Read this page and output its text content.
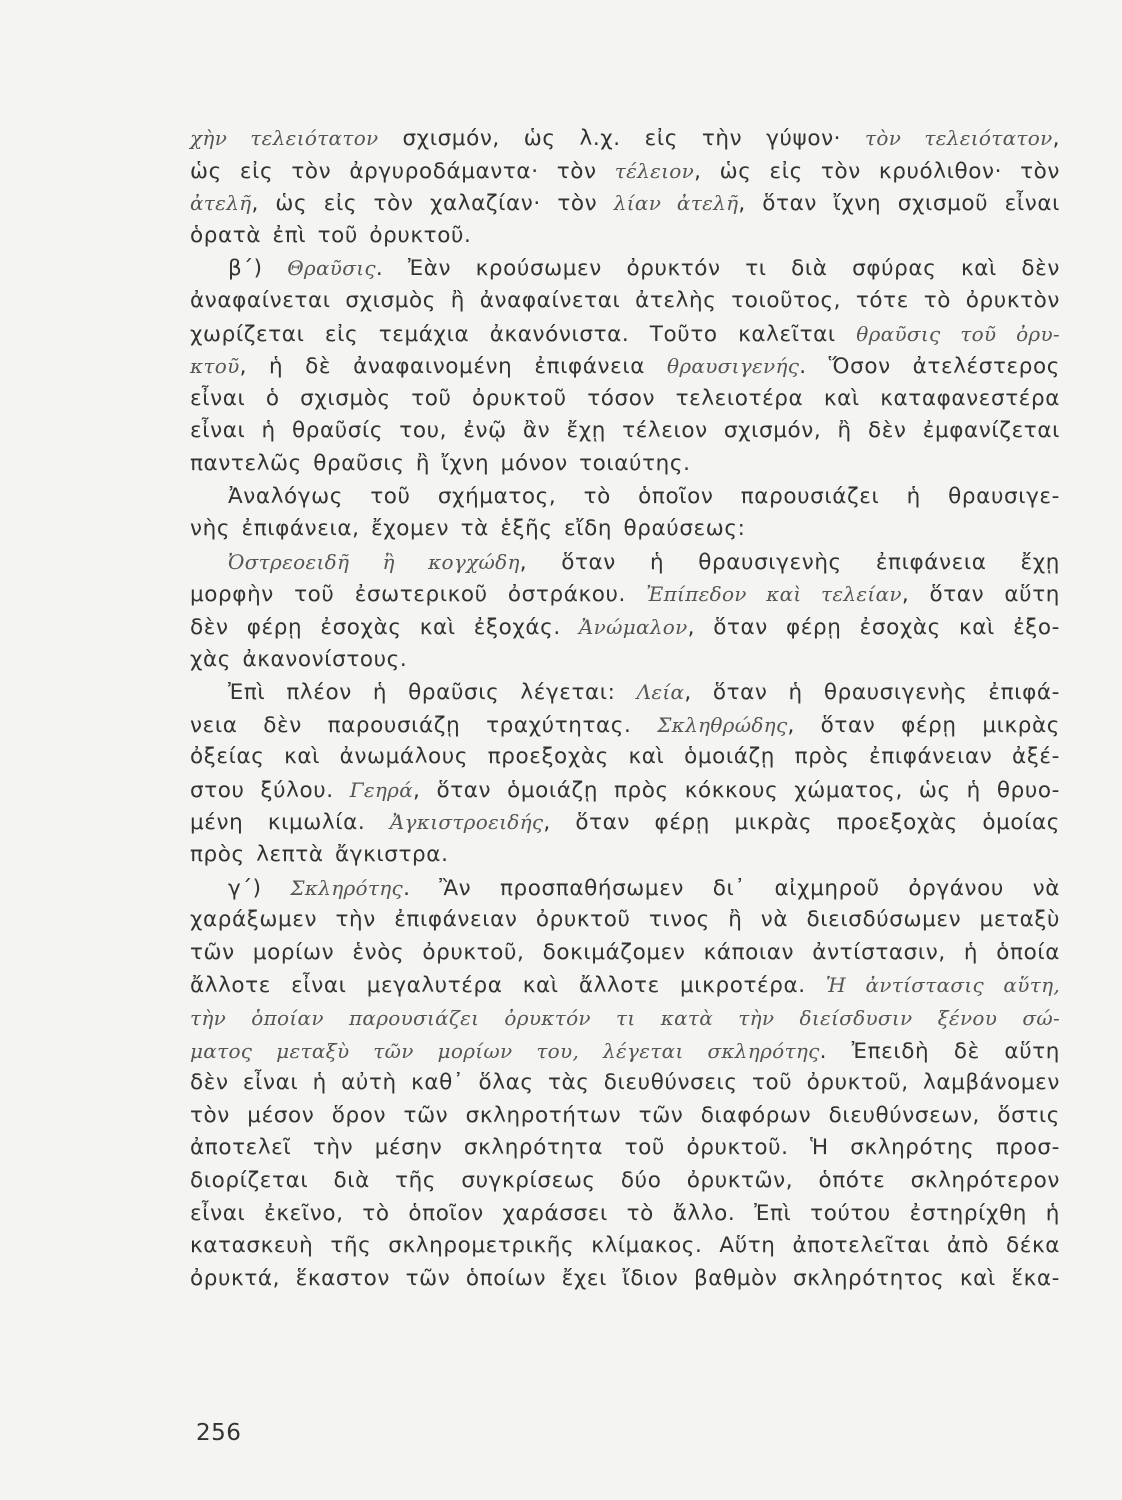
χὴν τελειότατον σχισμόν, ὡς λ.χ. εἰς τὴν γύψον· τὸν τελειότατον,
ὡς εἰς τὸν ἀργυροδάμαντα· τὸν τέλειον, ὡς εἰς τὸν κρυόλιθον· τὸν
ἀτελῆ, ὡς εἰς τὸν χαλαζίαν· τὸν λίαν ἀτελῆ, ὅταν ἴχνη σχισμοῦ εἶναι
ὁρατὰ ἐπὶ τοῦ ὀρυκτοῦ.
β΄) Θραῦσις. Ἐὰν κρούσωμεν ὀρυκτόν τι διὰ σφύρας καὶ δὲν
ἀναφαίνεται σχισμὸς ἢ ἀναφαίνεται ἀτελὴς τοιοῦτος, τότε τὸ ὀρυκτὸν
χωρίζεται εἰς τεμάχια ἀκανόνιστα. Τοῦτο καλεῖται θραῦσις τοῦ ὀρυ-
κτοῦ, ἡ δὲ ἀναφαινομένη ἐπιφάνεια θραυσιγενής. Ὅσον ἀτελέστερος
εἶναι ὁ σχισμὸς τοῦ ὀρυκτοῦ τόσον τελειοτέρα καὶ καταφανεστέρα
εἶναι ἡ θραῦσίς του, ἐνῷ ἂν ἔχῃ τέλειον σχισμόν, ἢ δὲν ἐμφανίζεται
παντελῶς θραῦσις ἢ ἴχνη μόνον τοιαύτης.
Ἀναλόγως τοῦ σχήματος, τὸ ὁποῖον παρουσιάζει ἡ θραυσιγε-
νὴς ἐπιφάνεια, ἔχομεν τὰ ἑξῆς εἴδη θραύσεως:
Ὀστρεοειδῆ ἢ κογχώδη, ὅταν ἡ θραυσιγενὴς ἐπιφάνεια ἔχῃ
μορφὴν τοῦ ἐσωτερικοῦ ὀστράκου. Ἐπίπεδον καὶ τελείαν, ὅταν αὕτη
δὲν φέρῃ ἐσοχὰς καὶ ἐξοχάς. Ἀνώμαλον, ὅταν φέρῃ ἐσοχὰς καὶ ἐξο-
χὰς ἀκανονίστους.
Ἐπὶ πλέον ἡ θραῦσις λέγεται: Λεία, ὅταν ἡ θραυσιγενὴς ἐπιφά-
νεια δὲν παρουσιάζῃ τραχύτητας. Σκληθρώδης, ὅταν φέρῃ μικρὰς
ὀξείας καὶ ἀνωμάλους προεξοχὰς καὶ ὁμοιάζῃ πρὸς ἐπιφάνειαν ἀξέ-
στου ξύλου. Γεηρά, ὅταν ὁμοιάζῃ πρὸς κόκκους χώματος, ὡς ἡ θρυο-
μένη κιμωλία. Ἀγκιστροειδής, ὅταν φέρῃ μικρὰς προεξοχὰς ὁμοίας
πρὸς λεπτὰ ἄγκιστρα.
γ΄) Σκληρότης. Ἂν προσπαθήσωμεν δι᾿ αἰχμηροῦ ὀργάνου νὰ
χαράξωμεν τὴν ἐπιφάνειαν ὀρυκτοῦ τινος ἢ νὰ διεισδύσωμεν μεταξὺ
τῶν μορίων ἑνὸς ὀρυκτοῦ, δοκιμάζομεν κάποιαν ἀντίστασιν, ἡ ὁποία
ἄλλοτε εἶναι μεγαλυτέρα καὶ ἄλλοτε μικροτέρα. Ἡ ἀντίστασις αὕτη,
τὴν ὁποίαν παρουσιάζει ὀρυκτόν τι κατὰ τὴν διείσδυσιν ξένου σώ-
ματος μεταξὺ τῶν μορίων του, λέγεται σκληρότης. Ἐπειδὴ δὲ αὕτη
δὲν εἶναι ἡ αὐτὴ καθ᾿ ὅλας τὰς διευθύνσεις τοῦ ὀρυκτοῦ, λαμβάνομεν
τὸν μέσον ὅρον τῶν σκληροτήτων τῶν διαφόρων διευθύνσεων, ὅστις
ἀποτελεῖ τὴν μέσην σκληρότητα τοῦ ὀρυκτοῦ. Ἡ σκληρότης προσ-
διορίζεται διὰ τῆς συγκρίσεως δύο ὀρυκτῶν, ὁπότε σκληρότερον
εἶναι ἐκεῖνο, τὸ ὁποῖον χαράσσει τὸ ἄλλο. Ἐπὶ τούτου ἐστηρίχθη ἡ
κατασκευὴ τῆς σκληρομετρικῆς κλίμακος. Αὕτη ἀποτελεῖται ἀπὸ δέκα
ὀρυκτά, ἕκαστον τῶν ὁποίων ἔχει ἴδιον βαθμὸν σκληρότητος καὶ ἕκα-
256
